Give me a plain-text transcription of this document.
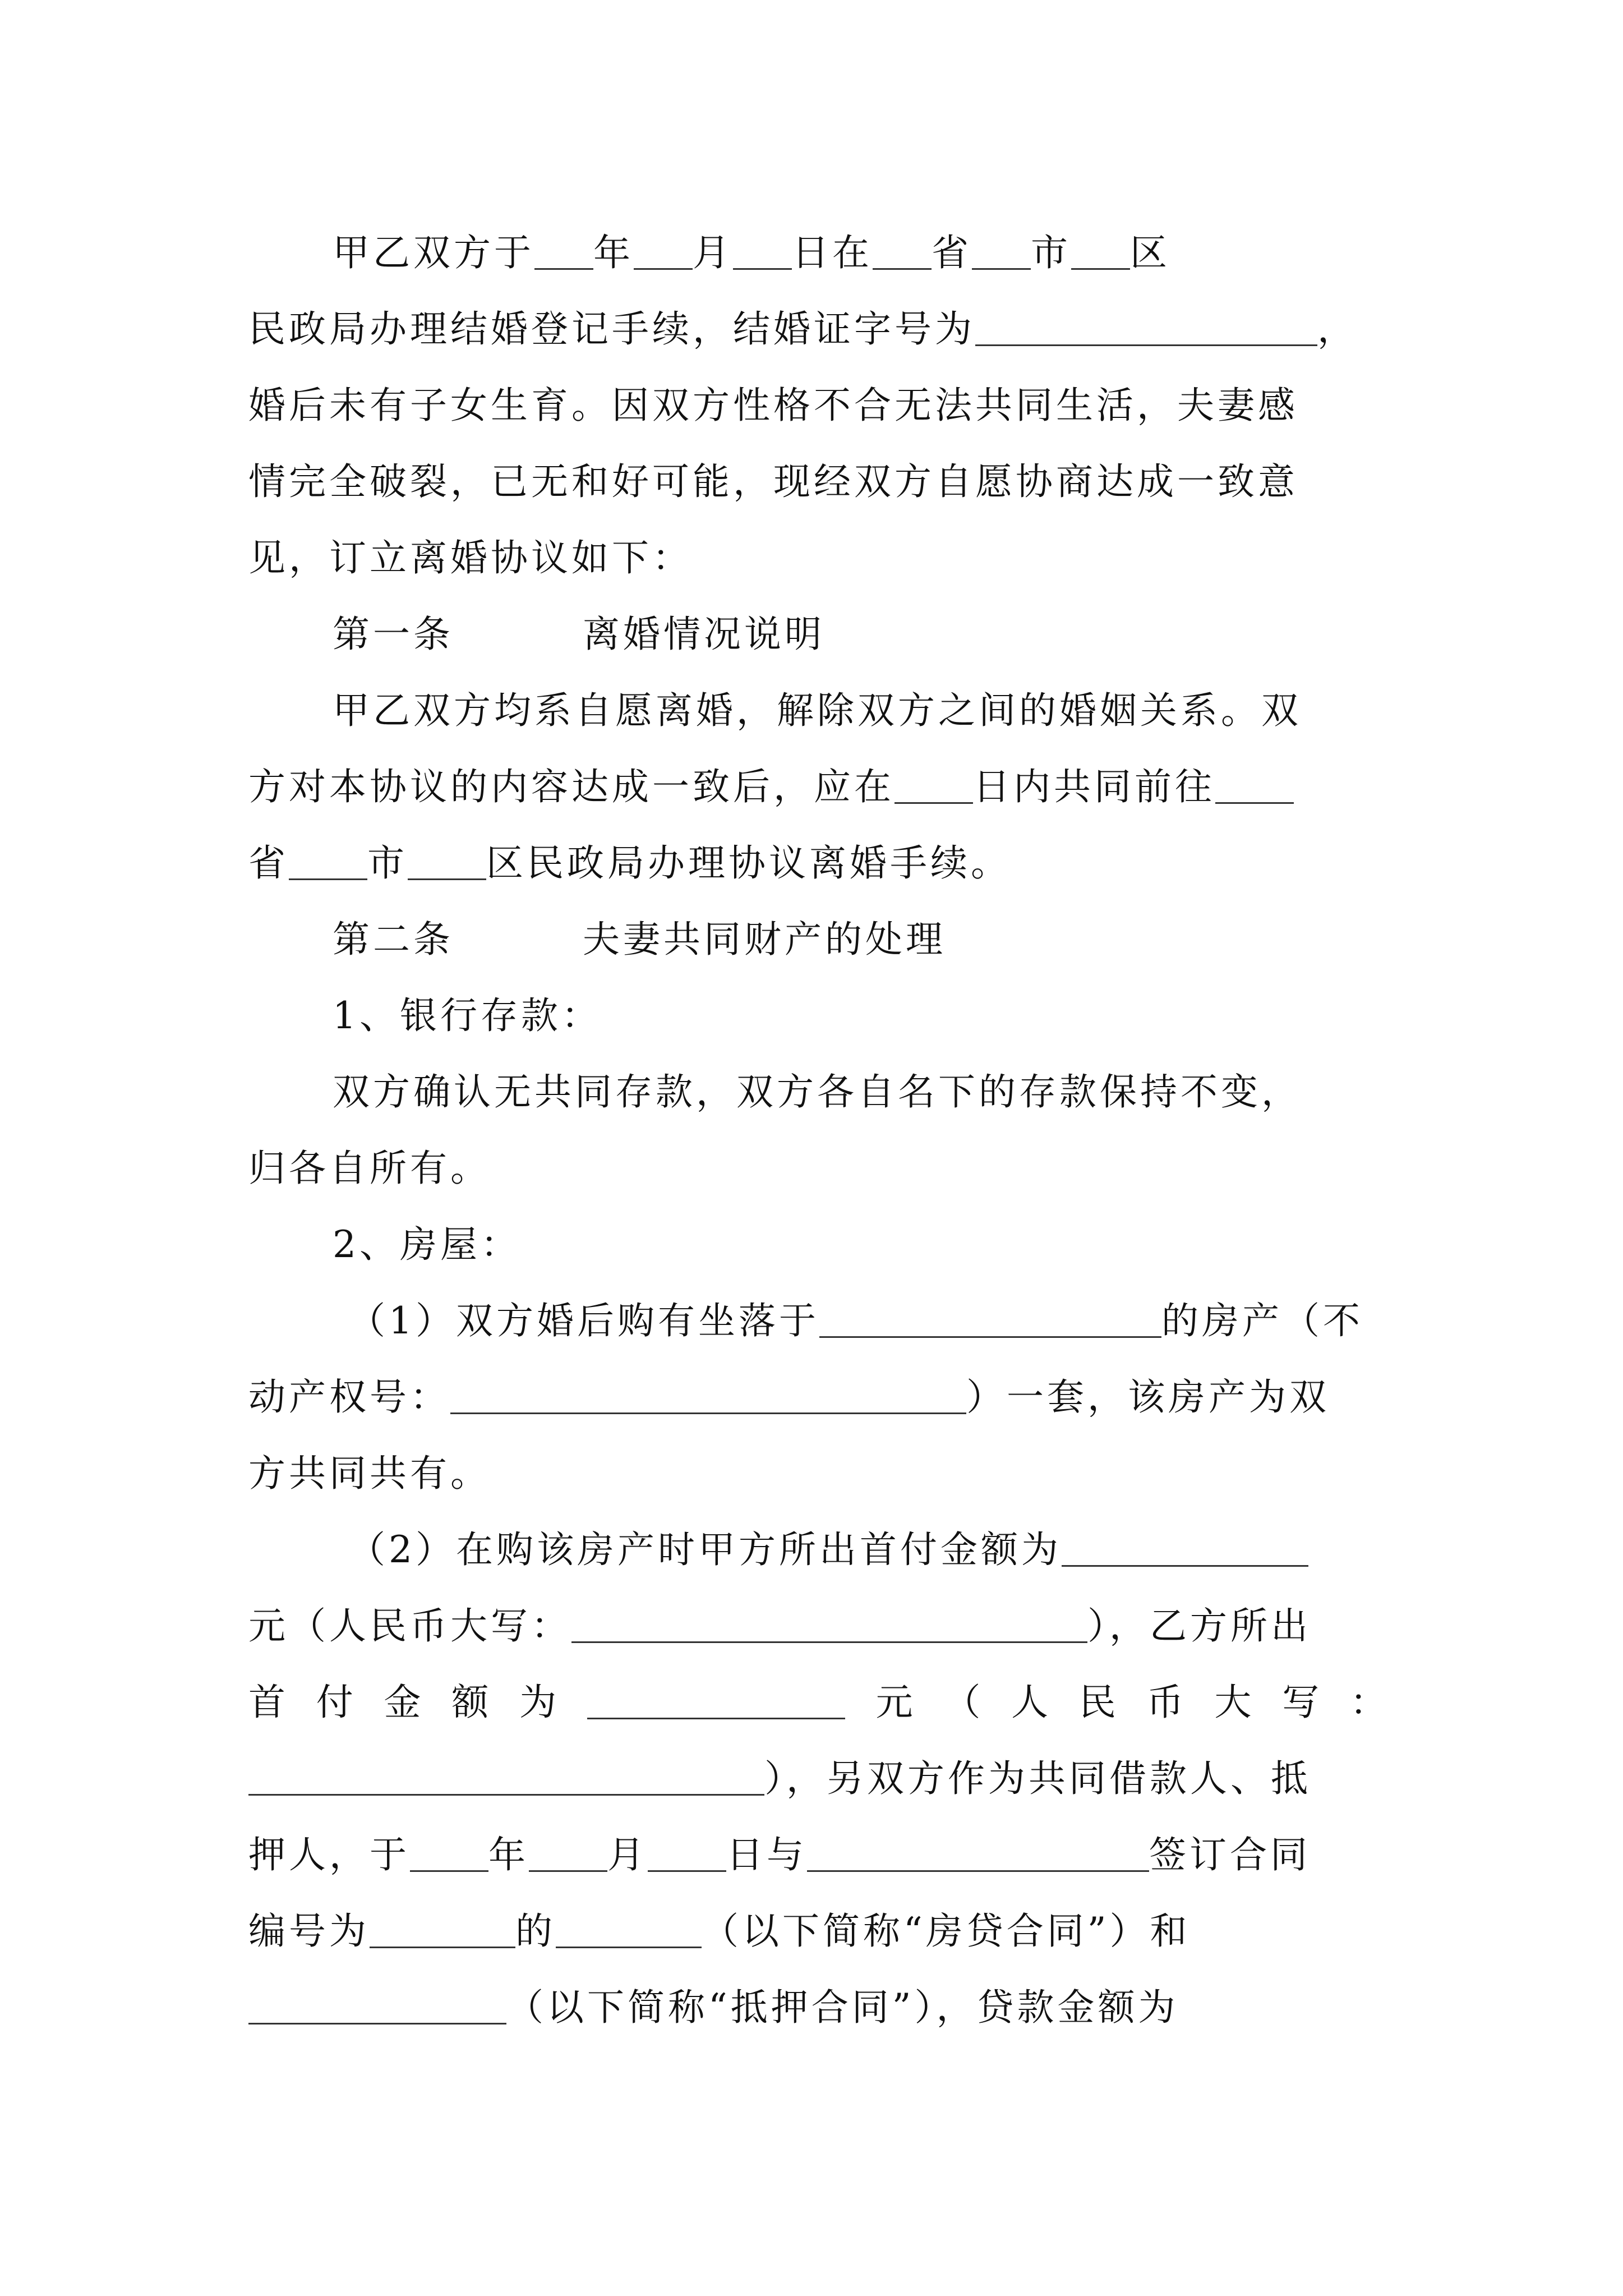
甲乙双方于 年 月 日在 省 市 区
民政局办理结婚登记手续，结婚证字号为	，
婚后未有子女生育。因双方性格不合无法共同生活，夫妻感
情完全破裂，已无和好可能，现经双方自愿协商达成一致意
见，订立离婚协议如下：
第一条	离婚情况说明
甲乙双方均系自愿离婚，解除双方之间的婚姻关系。双
方对本协议的内容达成一致后，应在 日内共同前往
省 市 区民政局办理协议离婚手续。
第二条	夫妻共同财产的处理
1、银行存款：
双方确认无共同存款，双方各自名下的存款保持不变，
归各自所有。
2、房屋：
（1）双方婚后购有坐落于	的房产（不
动产权号：	）一套，该房产为双
方共同共有。
（2）在购该房产时甲方所出首付金额为
元（人民币大写：	），乙方所出
首 付 金 额 为	元 （ 人 民 币 大 写 ：
），另双方作为共同借款人、抵
押人，于 年 月 日与	签订合同
编号为	的	（以下简称“房贷合同”）和
（以下简称“抵押合同”），贷款金额为
